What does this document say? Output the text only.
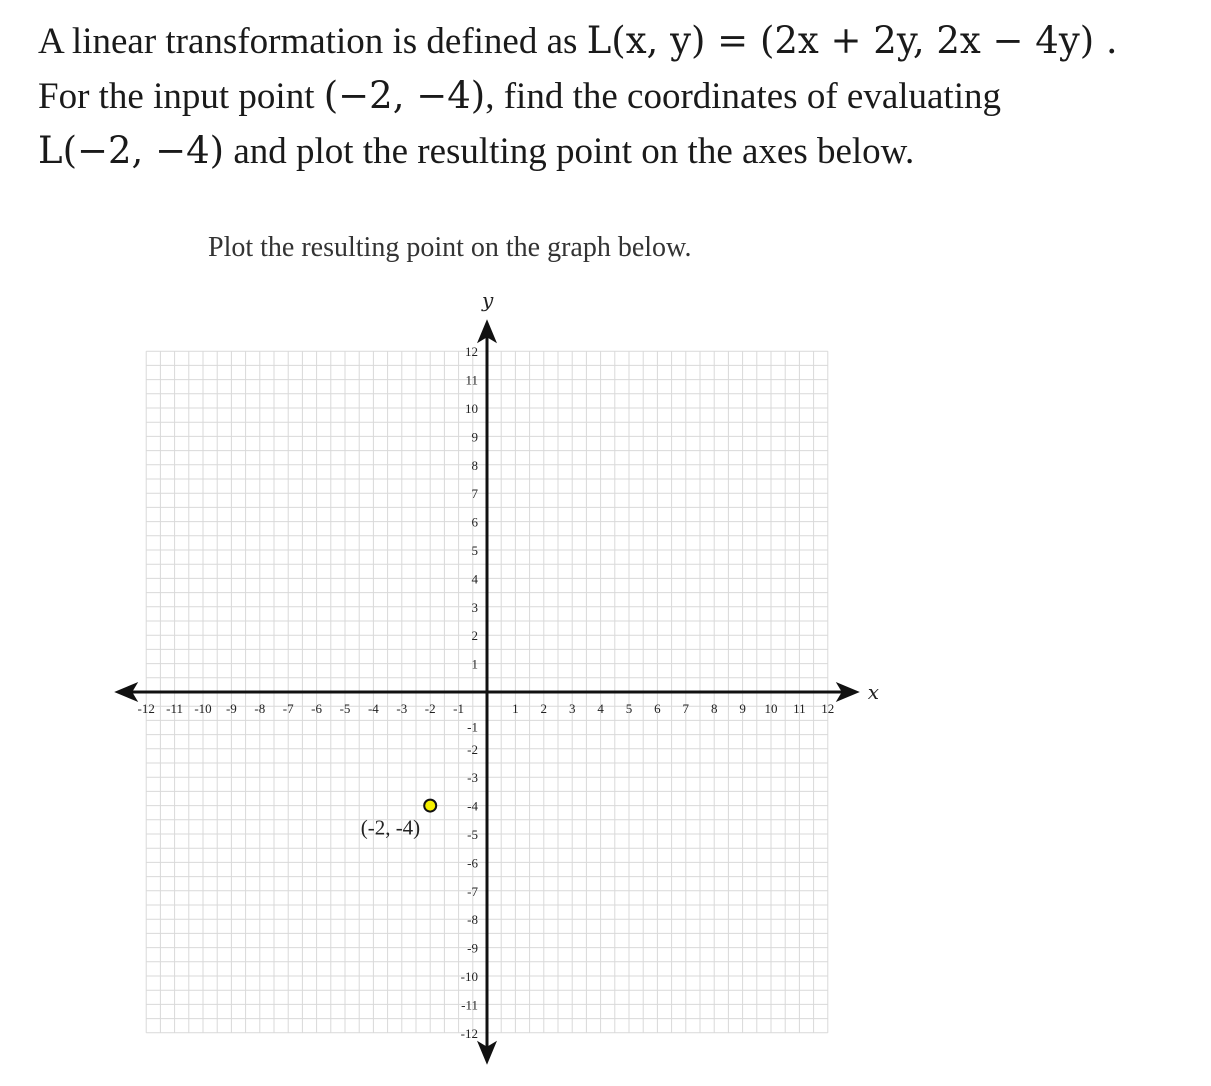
A linear transformation is defined as L(x, y) = (2x + 2y, 2x − 4y) .
For the input point (−2, −4), find the coordinates of evaluating
L(−2, −4) and plot the resulting point on the axes below.

Plot the resulting point on the graph below.

x
y
-12 -11 -10 -9 -8 -7 -6 -5 -4 -3 -2 -1	1 2 3 4 5 6 7 8 9 10 11 12
12
11
10
9
8
7
6
5
4
3
2
1
-1
-2
-3
-4
-5
-6
-7
-8
-9
-10
-11
-12
(-2, -4)
